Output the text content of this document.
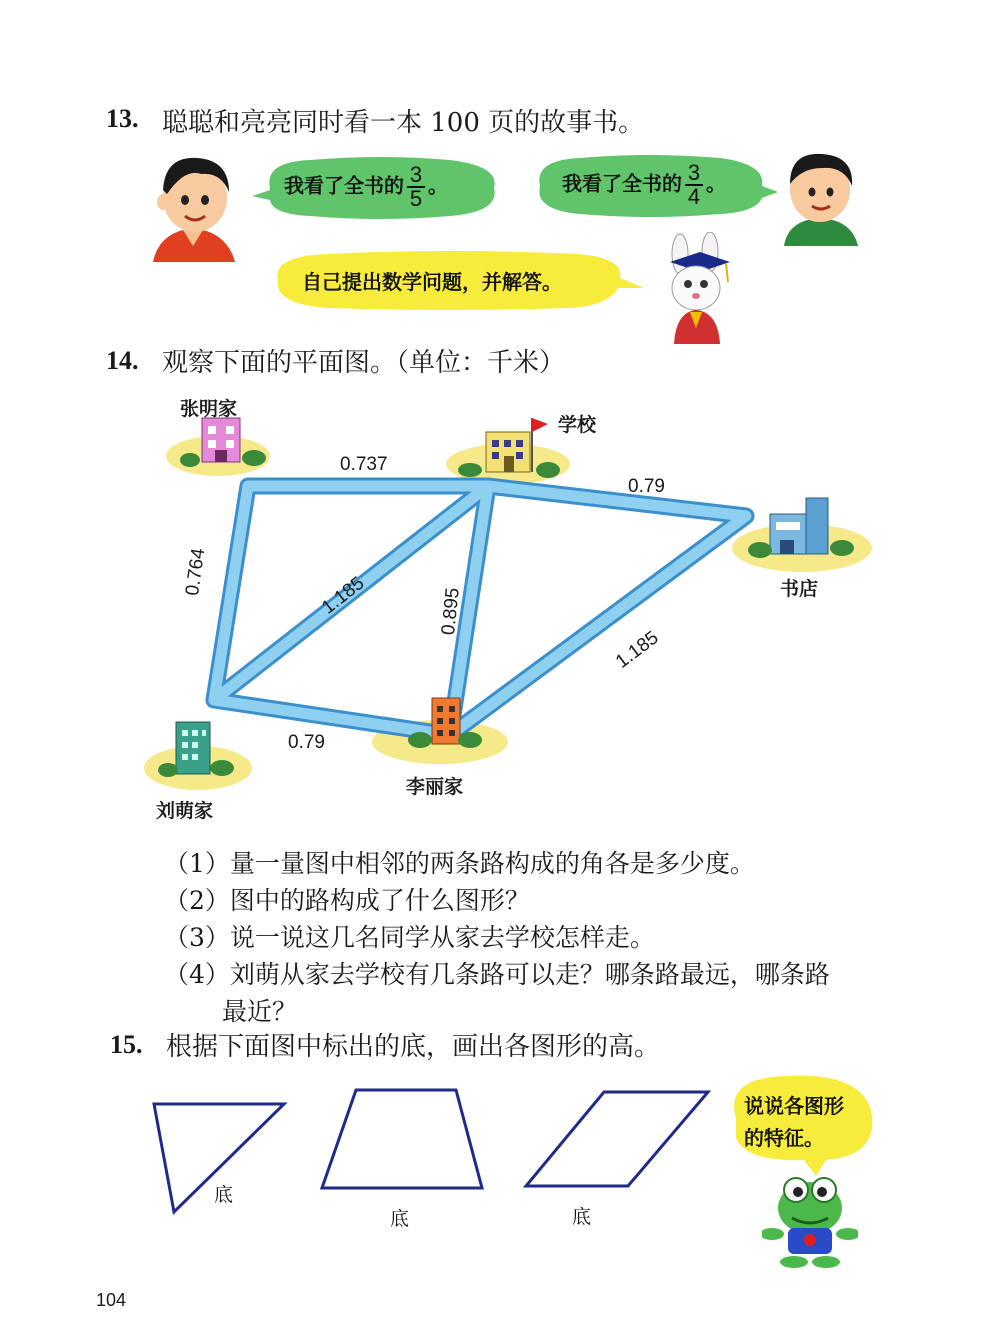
13. 聪聪和亮亮同时看一本 100 页的故事书。
我看了全书的 $\frac{3}{5}$ 。	我看了全书的 $\frac{3}{4}$ 。
自己提出数学问题，并解答。
14. 观察下面的平面图。（单位：千米）
张明家
学校
书店
李丽家
刘萌家
0.737
0.79
0.764	1.185	0.895
1.185
0.79
（1）量一量图中相邻的两条路构成的角各是多少度。
（2）图中的路构成了什么图形？
（3）说一说这几名同学从家去学校怎样走。
（4）刘萌从家去学校有几条路可以走？哪条路最远，哪条路
最近？
15. 根据下面图中标出的底，画出各图形的高。
底
底	底
说说各图形
的特征。
104
